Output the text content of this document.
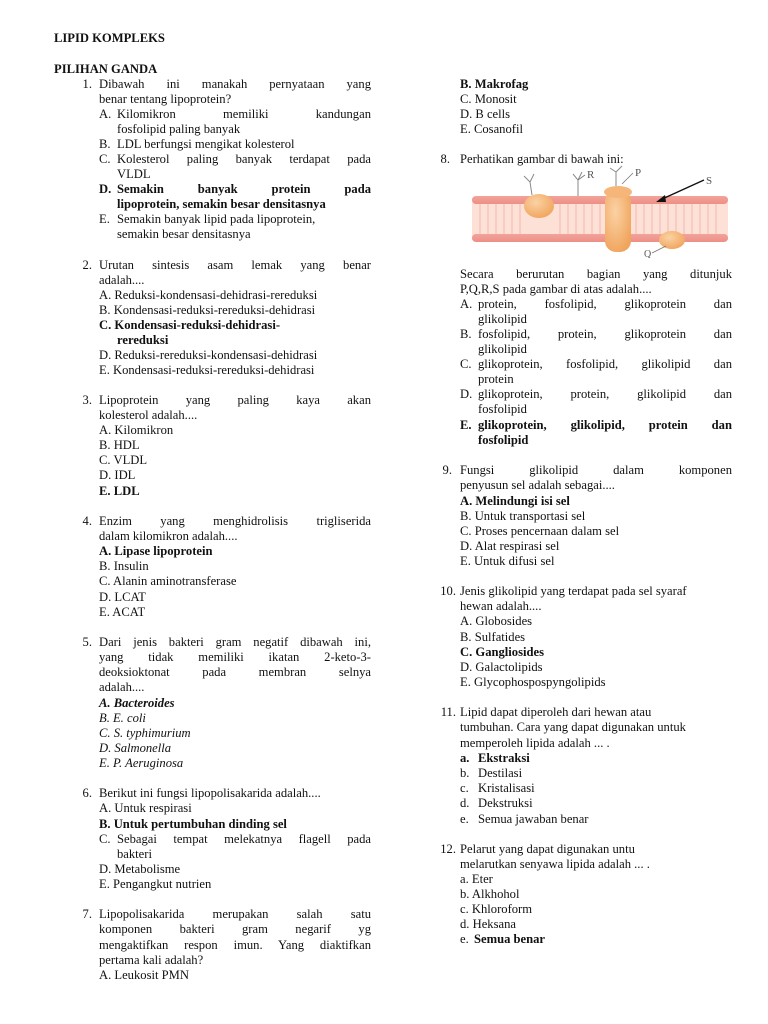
LIPID KOMPLEKS
PILIHAN GANDA
1. Dibawah ini manakah pernyataan yang
benar tentang lipoprotein?
A. Kilomikron memiliki kandungan
fosfolipid paling banyak
B. LDL berfungsi mengikat kolesterol
C. Kolesterol paling banyak terdapat pada
VLDL
D. Semakin banyak protein pada
lipoprotein, semakin besar densitasnya
E. Semakin banyak lipid pada lipoprotein,
semakin besar densitasnya
2. Urutan sintesis asam lemak yang benar
adalah....
A. Reduksi-kondensasi-dehidrasi-rereduksi
B. Kondensasi-reduksi-rereduksi-dehidrasi
C. Kondensasi-reduksi-dehidrasi-
rereduksi
D. Reduksi-rereduksi-kondensasi-dehidrasi
E. Kondensasi-reduksi-rereduksi-dehidrasi
3. Lipoprotein yang paling kaya akan
kolesterol adalah....
A. Kilomikron
B. HDL
C. VLDL
D. IDL
E. LDL
4. Enzim yang menghidrolisis trigliserida
dalam kilomikron adalah....
A. Lipase lipoprotein
B. Insulin
C. Alanin aminotransferase
D. LCAT
E. ACAT
5. Dari jenis bakteri gram negatif dibawah ini,
yang tidak memiliki ikatan 2-keto-3-
deoksioktonat pada membran selnya
adalah....
A. Bacteroides
B. E. coli
C. S. typhimurium
D. Salmonella
E. P. Aeruginosa
6. Berikut ini fungsi lipopolisakarida adalah....
A. Untuk respirasi
B. Untuk pertumbuhan dinding sel
C. Sebagai tempat melekatnya flagell pada
bakteri
D. Metabolisme
E. Pengangkut nutrien
7. Lipopolisakarida merupakan salah satu
komponen bakteri gram negarif yg
mengaktifkan respon imun. Yang diaktifkan
pertama kali adalah?
A. Leukosit PMN
B. Makrofag
C. Monosit
D. B cells
E. Cosanofil
8. Perhatikan gambar di bawah ini:
R	P
S
Q
Secara berurutan bagian yang ditunjuk
P,Q,R,S pada gambar di atas adalah....
A. protein, fosfolipid, glikoprotein dan
glikolipid
B. fosfolipid, protein, glikoprotein dan
glikolipid
C. glikoprotein, fosfolipid, glikolipid dan
protein
D. glikoprotein, protein, glikolipid dan
fosfolipid
E. glikoprotein, glikolipid, protein dan
fosfolipid
9. Fungsi glikolipid dalam komponen
penyusun sel adalah sebagai....
A. Melindungi isi sel
B. Untuk transportasi sel
C. Proses pencernaan dalam sel
D. Alat respirasi sel
E. Untuk difusi sel
10. Jenis glikolipid yang terdapat pada sel syaraf
hewan adalah....
A. Globosides
B. Sulfatides
C. Gangliosides
D. Galactolipids
E. Glycophospospyngolipids
11. Lipid dapat diperoleh dari hewan atau
tumbuhan. Cara yang dapat digunakan untuk
memperoleh lipida adalah ... .
a. Ekstraksi
b. Destilasi
c. Kristalisasi
d. Dekstruksi
e. Semua jawaban benar
12. Pelarut yang dapat digunakan untu
melarutkan senyawa lipida adalah ... .
a. Eter
b. Alkhohol
c. Khloroform
d. Heksana
e. Semua benar
